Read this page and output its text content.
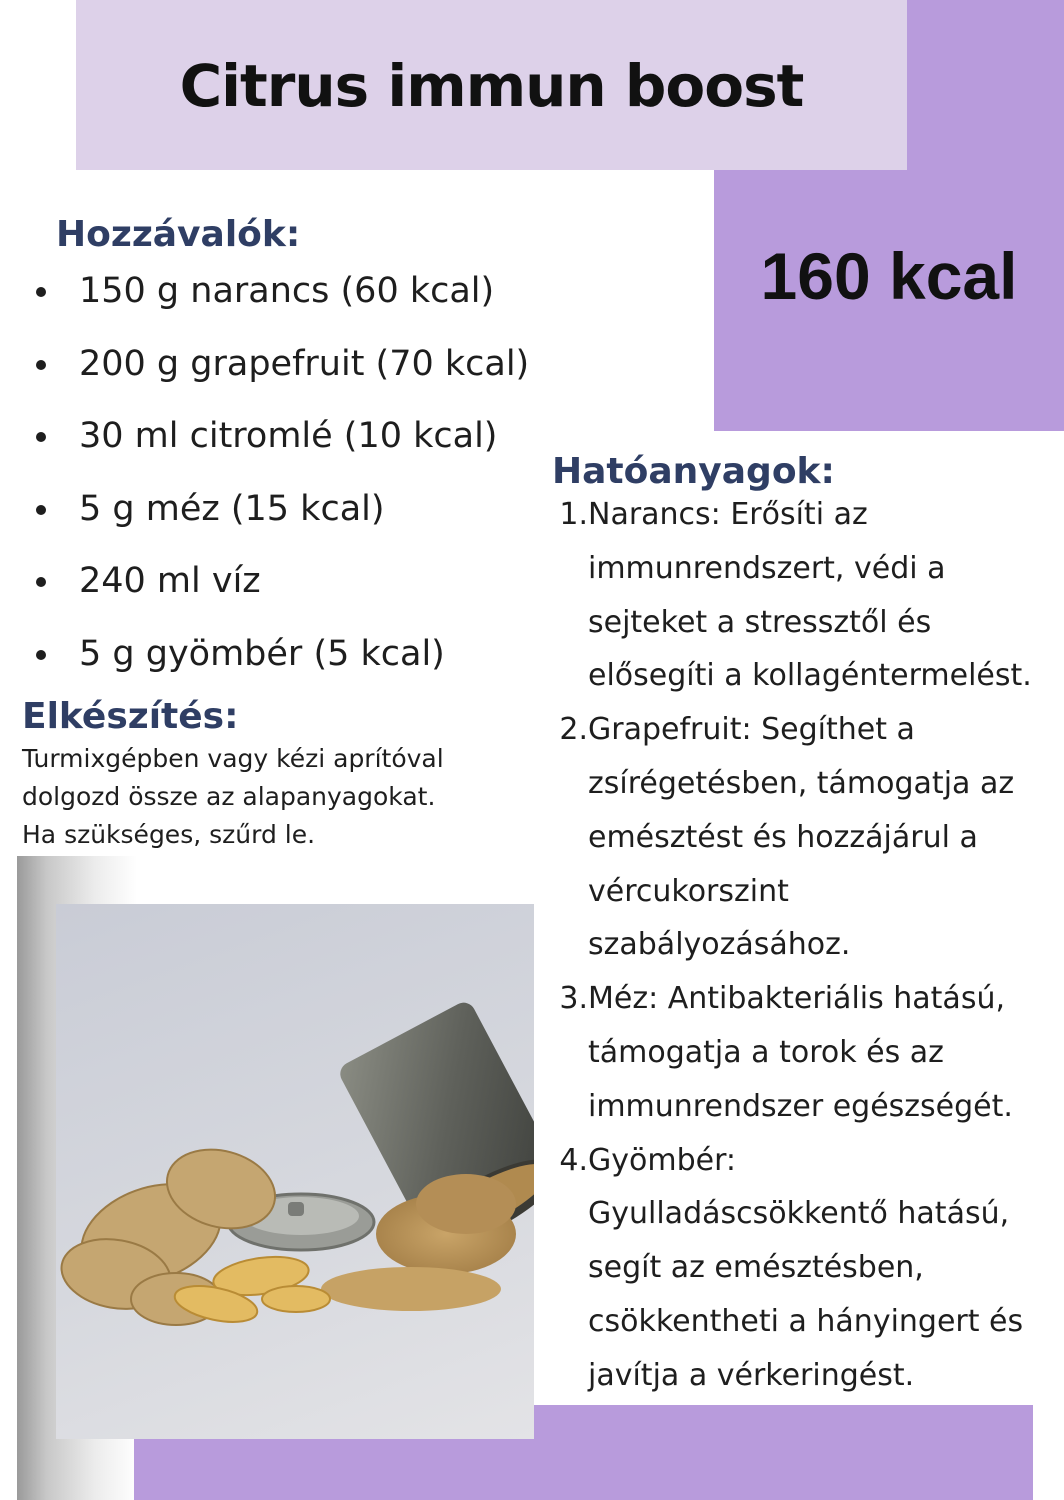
Citrus immun boost
160 kcal
Hozzávalók:
150 g narancs (60 kcal)
200 g grapefruit (70 kcal)
30 ml citromlé (10 kcal)
5 g méz (15 kcal)
240 ml víz
5 g gyömbér (5 kcal)
Elkészítés:
Turmixgépben vagy kézi aprítóval
dolgozd össze az alapanyagokat.
Ha szükséges, szűrd le.
Hatóanyagok:
1. Narancs: Erősíti az
immunrendszert, védi a
sejteket a stressztől és
elősegíti a kollagéntermelést.
2. Grapefruit: Segíthet a
zsírégetésben, támogatja az
emésztést és hozzájárul a
vércukorszint
szabályozásához.
3. Méz: Antibakteriális hatású,
támogatja a torok és az
immunrendszer egészségét.
4. Gyömbér:
Gyulladáscsökkentő hatású,
segít az emésztésben,
csökkentheti a hányingert és
javítja a vérkeringést.
